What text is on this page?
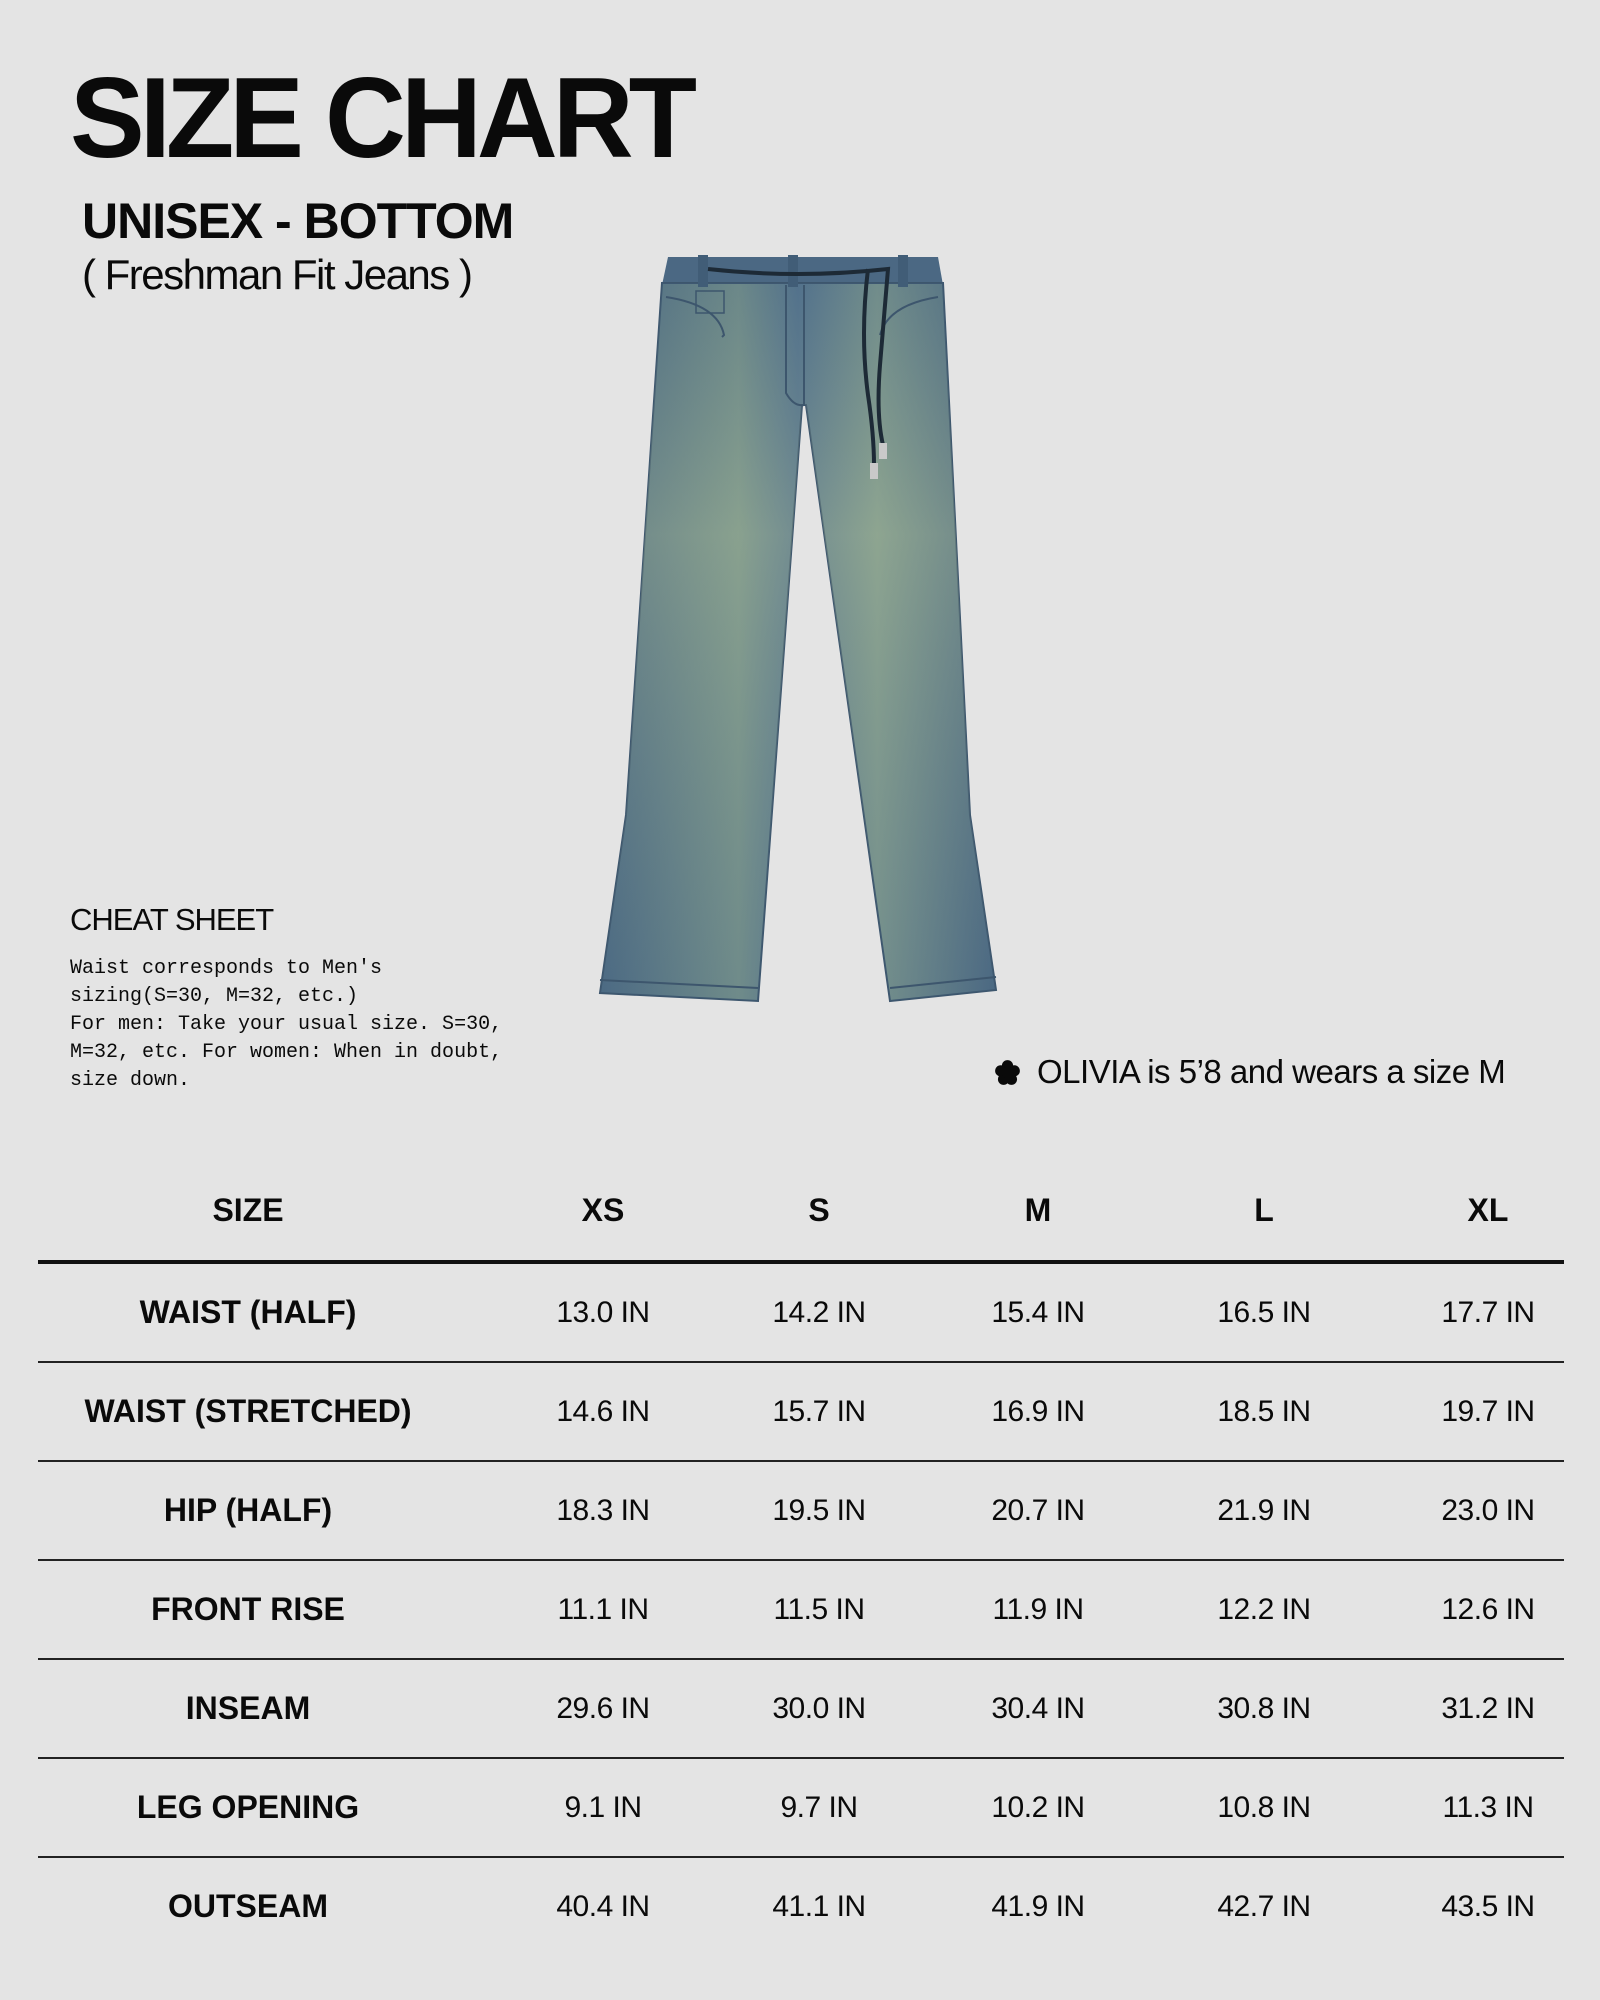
SIZE CHART
UNISEX - BOTTOM
( Freshman Fit Jeans )
CHEAT SHEET
Waist corresponds to Men's
sizing(S=30, M=32, etc.)
For men: Take your usual size. S=30,
M=32, etc. For women: When in doubt,
size down.	OLIVIA is 5’8 and wears a size M
SIZE	XS	S	M	L	XL
WAIST (HALF)	13.0 IN	14.2 IN	15.4 IN	16.5 IN	17.7 IN
WAIST (STRETCHED)	14.6 IN	15.7 IN	16.9 IN	18.5 IN	19.7 IN
HIP (HALF)	18.3 IN	19.5 IN	20.7 IN	21.9 IN	23.0 IN
FRONT RISE	11.1 IN	11.5 IN	11.9 IN	12.2 IN	12.6 IN
INSEAM	29.6 IN	30.0 IN	30.4 IN	30.8 IN	31.2 IN
LEG OPENING	9.1 IN	9.7 IN	10.2 IN	10.8 IN	11.3 IN
OUTSEAM	40.4 IN	41.1 IN	41.9 IN	42.7 IN	43.5 IN
